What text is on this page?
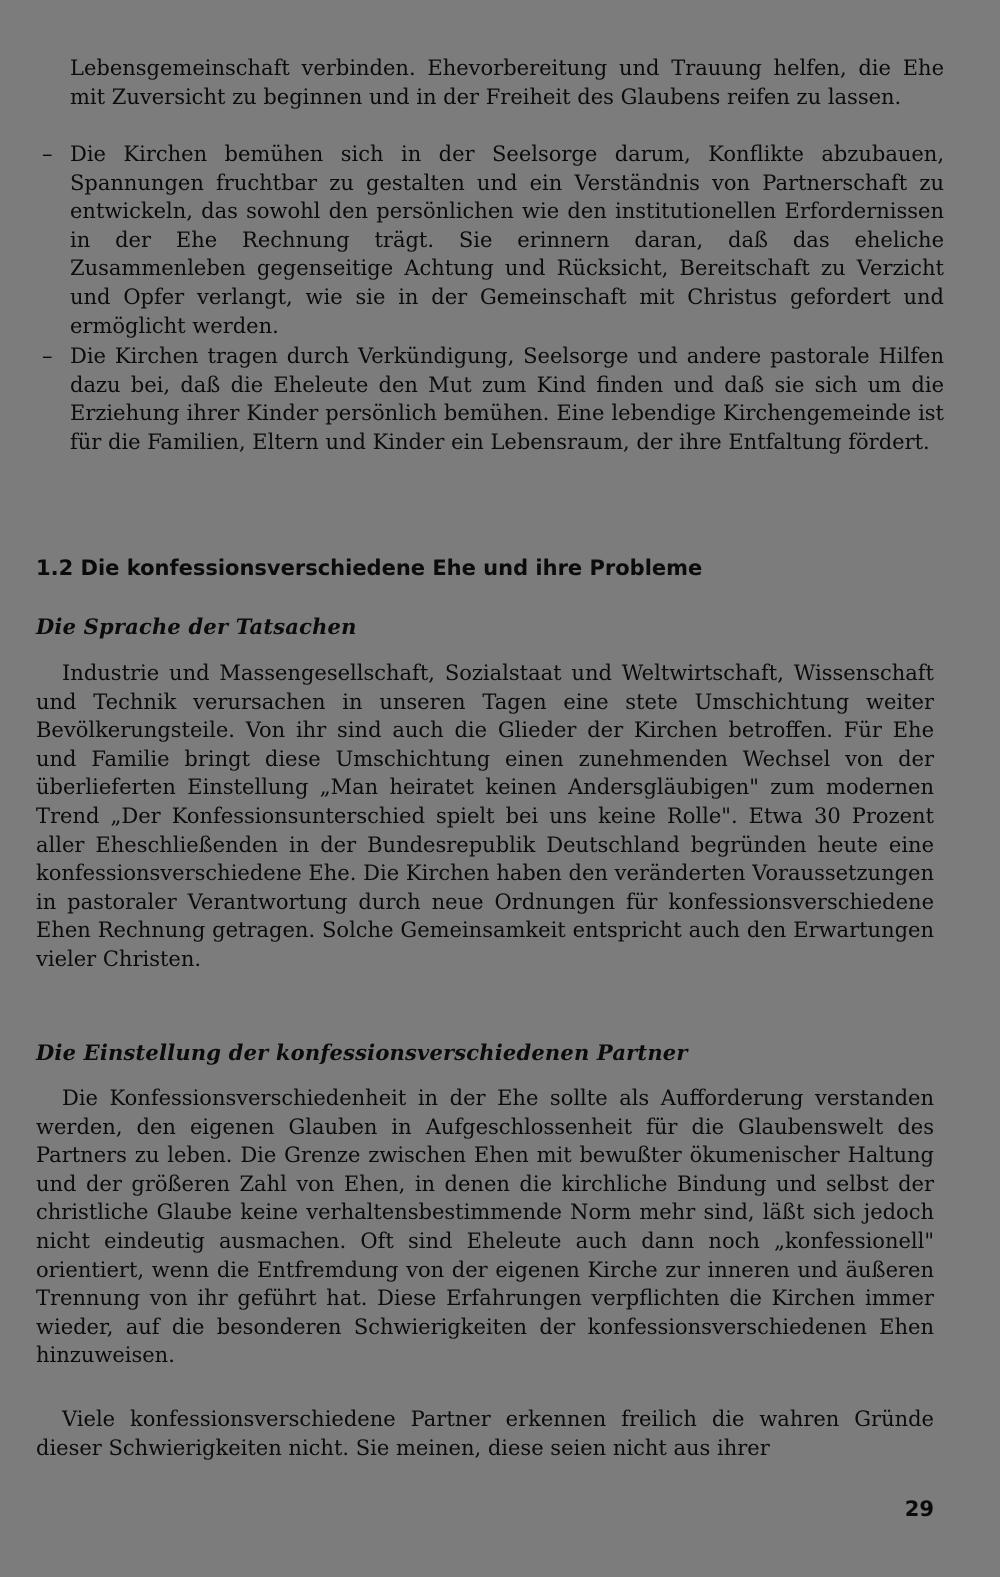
Lebensgemeinschaft verbinden. Ehevorbereitung und Trauung helfen, die Ehe mit Zuversicht zu beginnen und in der Freiheit des Glaubens reifen zu lassen.

– Die Kirchen bemühen sich in der Seelsorge darum, Konflikte abzubauen, Spannungen fruchtbar zu gestalten und ein Verständnis von Partnerschaft zu entwickeln, das sowohl den persönlichen wie den institutionellen Erfordernissen in der Ehe Rechnung trägt. Sie erinnern daran, daß das eheliche Zusammenleben gegenseitige Achtung und Rücksicht, Bereitschaft zu Verzicht und Opfer verlangt, wie sie in der Gemeinschaft mit Christus gefordert und ermöglicht werden.
– Die Kirchen tragen durch Verkündigung, Seelsorge und andere pastorale Hilfen dazu bei, daß die Eheleute den Mut zum Kind finden und daß sie sich um die Erziehung ihrer Kinder persönlich bemühen. Eine lebendige Kirchengemeinde ist für die Familien, Eltern und Kinder ein Lebensraum, der ihre Entfaltung fördert.
1.2 Die konfessionsverschiedene Ehe und ihre Probleme
Die Sprache der Tatsachen

Industrie und Massengesellschaft, Sozialstaat und Weltwirtschaft, Wissenschaft und Technik verursachen in unseren Tagen eine stete Umschichtung weiter Bevölkerungsteile. Von ihr sind auch die Glieder der Kirchen betroffen. Für Ehe und Familie bringt diese Umschichtung einen zunehmenden Wechsel von der überlieferten Einstellung „Man heiratet keinen Andersgläubigen" zum modernen Trend „Der Konfessionsunterschied spielt bei uns keine Rolle". Etwa 30 Prozent aller Eheschließenden in der Bundesrepublik Deutschland begründen heute eine konfessionsverschiedene Ehe. Die Kirchen haben den veränderten Voraussetzungen in pastoraler Verantwortung durch neue Ordnungen für konfessionsverschiedene Ehen Rechnung getragen. Solche Gemeinsamkeit entspricht auch den Erwartungen vieler Christen.

Die Einstellung der konfessionsverschiedenen Partner

Die Konfessionsverschiedenheit in der Ehe sollte als Aufforderung verstanden werden, den eigenen Glauben in Aufgeschlossenheit für die Glaubenswelt des Partners zu leben. Die Grenze zwischen Ehen mit bewußter ökumenischer Haltung und der größeren Zahl von Ehen, in denen die kirchliche Bindung und selbst der christliche Glaube keine verhaltensbestimmende Norm mehr sind, läßt sich jedoch nicht eindeutig ausmachen. Oft sind Eheleute auch dann noch „konfessionell" orientiert, wenn die Entfremdung von der eigenen Kirche zur inneren und äußeren Trennung von ihr geführt hat. Diese Erfahrungen verpflichten die Kirchen immer wieder, auf die besonderen Schwierigkeiten der konfessionsverschiedenen Ehen hinzuweisen.

Viele konfessionsverschiedene Partner erkennen freilich die wahren Gründe dieser Schwierigkeiten nicht. Sie meinen, diese seien nicht aus ihrer

29
